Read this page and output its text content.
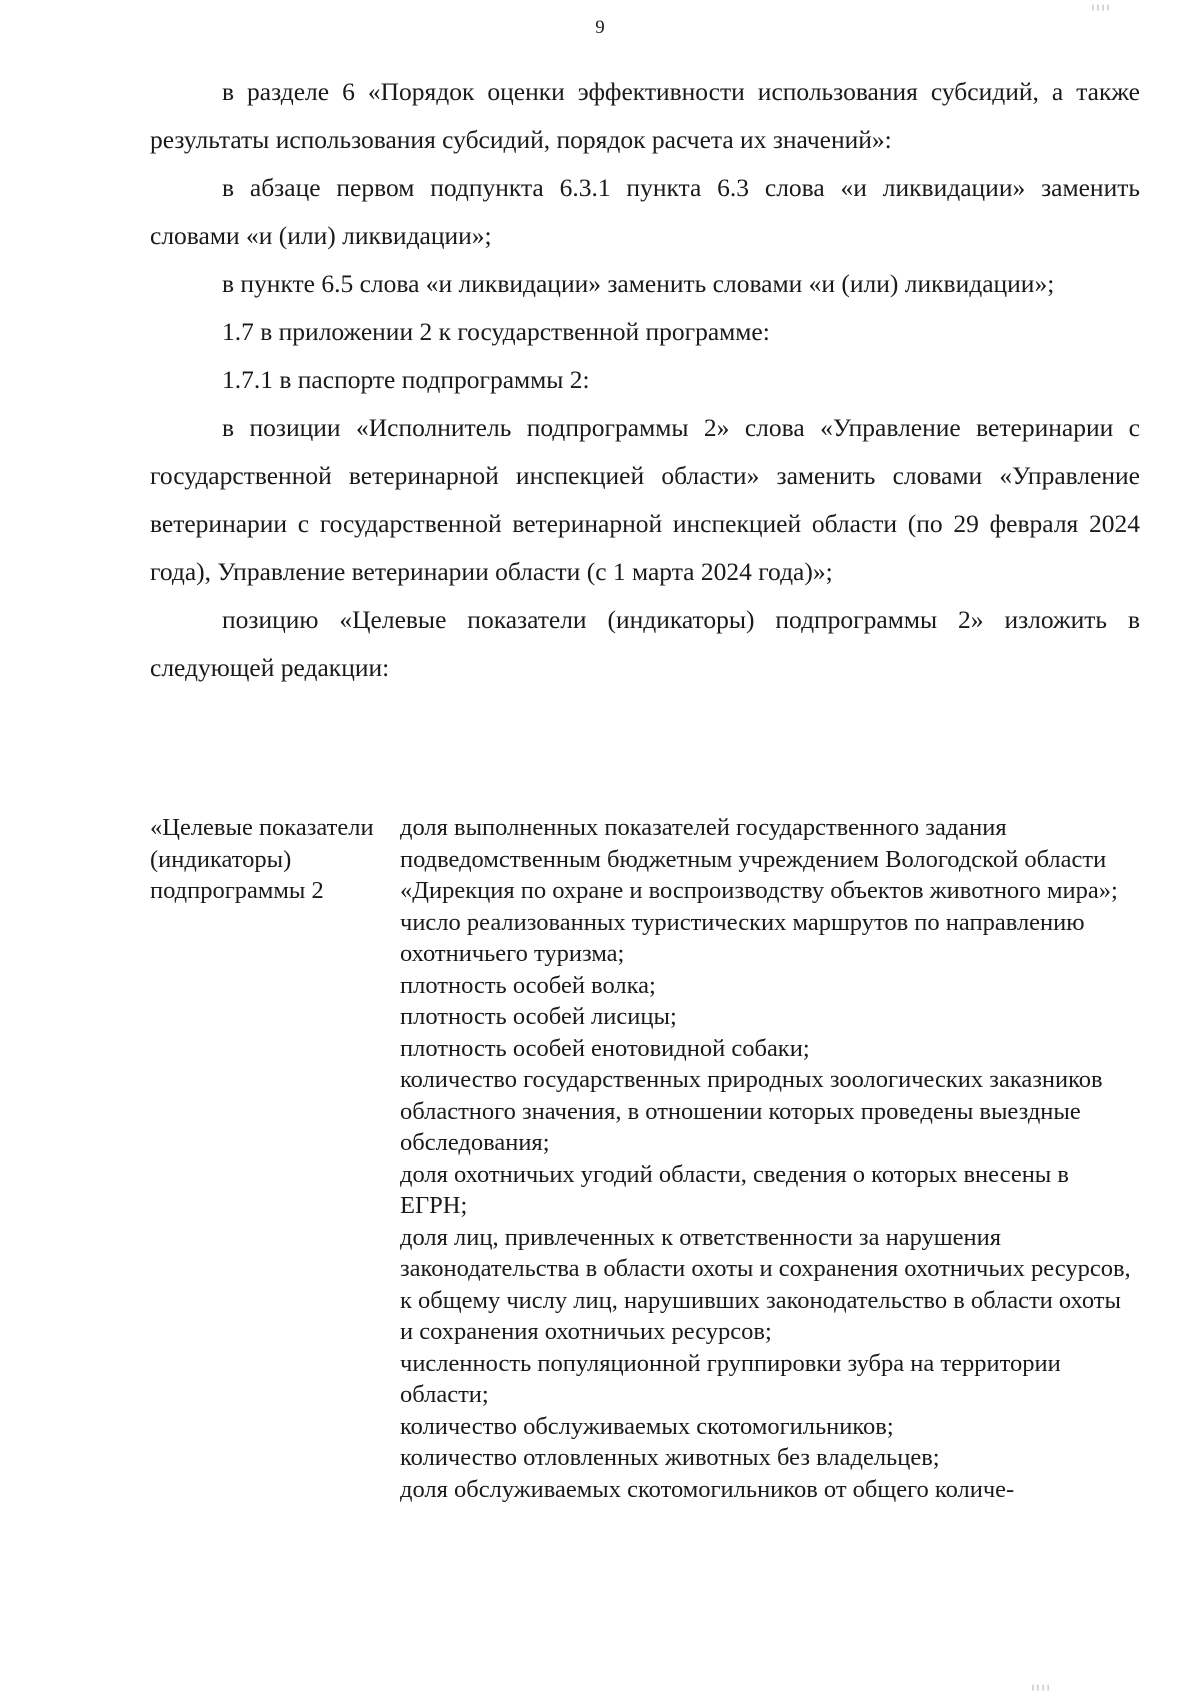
╷╷╷╷
9

в разделе 6 «Порядок оценки эффективности использования субсидий, а также результаты использования субсидий, порядок расчета их значений»:

в абзаце первом подпункта 6.3.1 пункта 6.3 слова «и ликвидации» заменить словами «и (или) ликвидации»;

в пункте 6.5 слова «и ликвидации» заменить словами «и (или) ликвидации»;

1.7 в приложении 2 к государственной программе:

1.7.1 в паспорте подпрограммы 2:

в позиции «Исполнитель подпрограммы 2» слова «Управление ветеринарии с государственной ветеринарной инспекцией области» заменить словами «Управление ветеринарии с государственной ветеринарной инспекцией области (по 29 февраля 2024 года), Управление ветеринарии области (с 1 марта 2024 года)»;

позицию «Целевые показатели (индикаторы) подпрограммы 2» изложить в следующей редакции:

«Целевые показатели (индикаторы) подпрограммы 2

доля выполненных показателей государственного задания подведомственным бюджетным учреждением Вологодской области «Дирекция по охране и воспроизводству объектов животного мира»;
число реализованных туристических маршрутов по направлению охотничьего туризма;
плотность особей волка;
плотность особей лисицы;
плотность особей енотовидной собаки;
количество государственных природных зоологических заказников областного значения, в отношении которых проведены выездные обследования;
доля охотничьих угодий области, сведения о которых внесены в ЕГРН;
доля лиц, привлеченных к ответственности за нарушения законодательства в области охоты и сохранения охотничьих ресурсов, к общему числу лиц, нарушивших законодательство в области охоты и сохранения охотничьих ресурсов;
численность популяционной группировки зубра на территории области;
количество обслуживаемых скотомогильников;
количество отловленных животных без владельцев;
доля обслуживаемых скотомогильников от общего количе-
╷╷╷╷
